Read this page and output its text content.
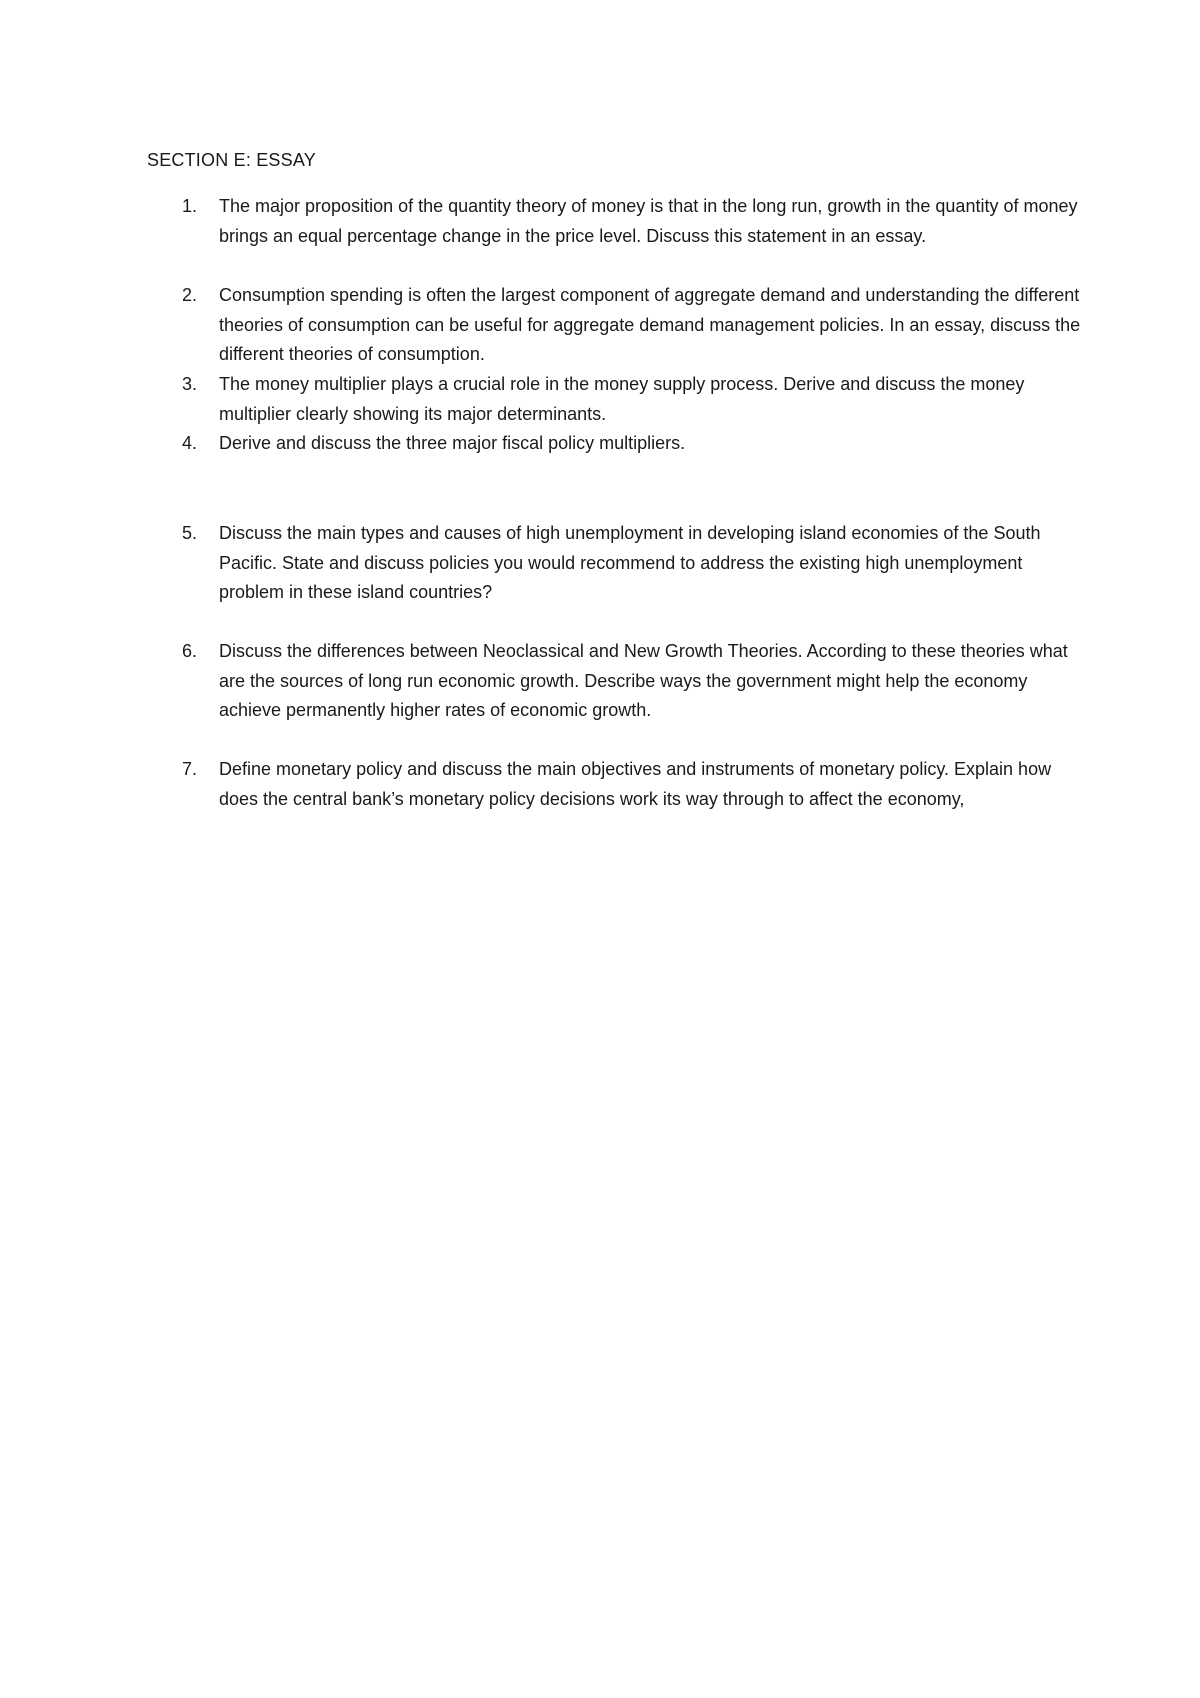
SECTION E: ESSAY
1.	The major proposition of the quantity theory of money is that in the long run, growth in the quantity of money brings an equal percentage change in the price level. Discuss this statement in an essay.

2.	Consumption spending is often the largest component of aggregate demand and understanding the different theories of consumption can be useful for aggregate demand management policies. In an essay, discuss the different theories of consumption.

3.	The money multiplier plays a crucial role in the money supply process. Derive and discuss the money multiplier clearly showing its major determinants.

4.	Derive and discuss the three major fiscal policy multipliers.

5.	Discuss the main types and causes of high unemployment in developing island economies of the South Pacific. State and discuss policies you would recommend to address the existing high unemployment problem in these island countries?

6.	Discuss the differences between Neoclassical and New Growth Theories. According to these theories what are the sources of long run economic growth. Describe ways the government might help the economy achieve permanently higher rates of economic growth.

7.	Define monetary policy and discuss the main objectives and instruments of monetary policy. Explain how does the central bank’s monetary policy decisions work its way through to affect the economy,
